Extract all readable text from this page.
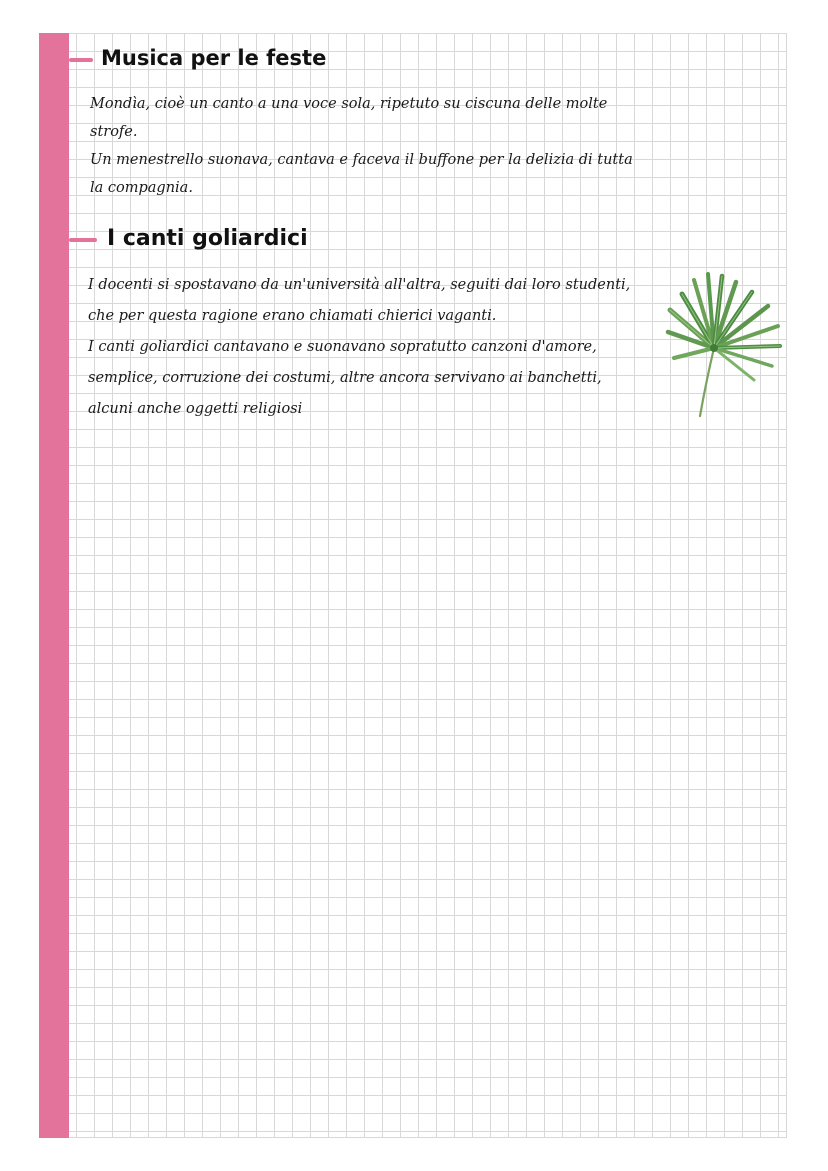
Musica per le feste
Mondìa, cioè un canto a una voce sola, ripetuto su ciscuna delle molte
strofe.
Un menestrello suonava, cantava e faceva il buffone per la delizia di tutta
la compagnia.
I canti goliardici
I docenti si spostavano da un'università all'altra, seguiti dai loro studenti,
che per questa ragione erano chiamati chierici vaganti.
I canti goliardici cantavano e suonavano sopratutto canzoni d'amore,
semplice, corruzione dei costumi, altre ancora servivano ai banchetti,
alcuni anche oggetti religiosi
